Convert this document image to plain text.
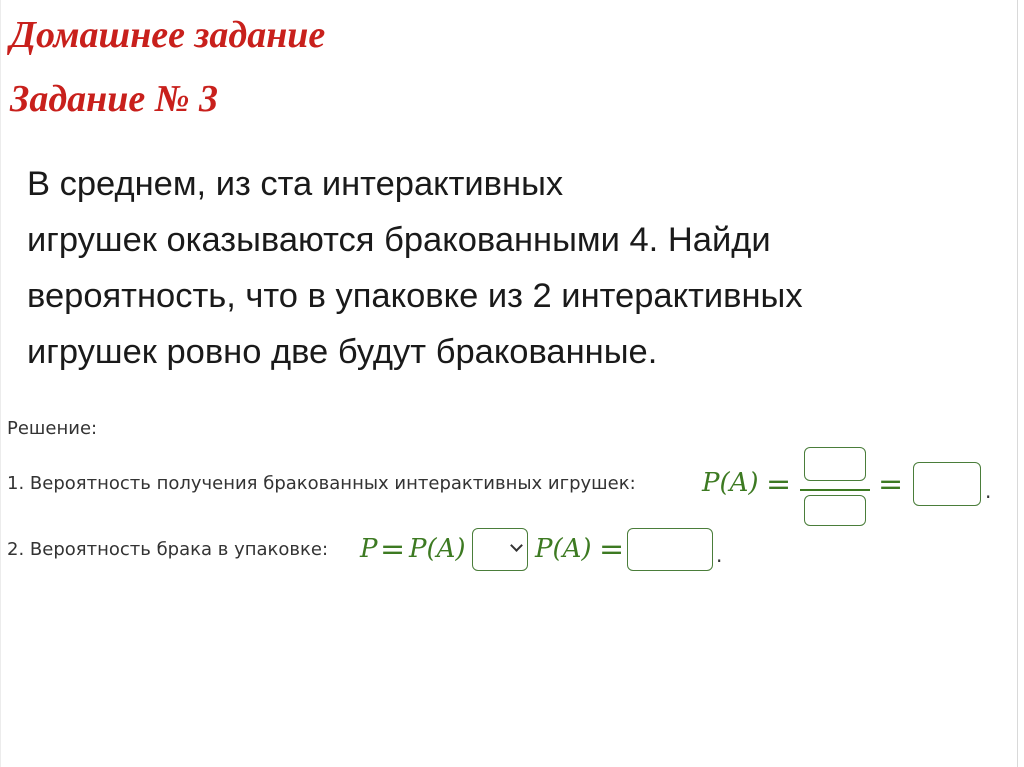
Домашнее задание
Задание № 3

В среднем, из ста интерактивных
игрушек оказываются бракованными 4. Найди
вероятность, что в упаковке из 2 интерактивных
игрушек ровно две будут бракованные.

Решение:
1. Вероятность получения бракованных интерактивных игрушек:	P(A) =	=	.
2. Вероятность брака в упаковке: P = P(A)	P(A) =	.
